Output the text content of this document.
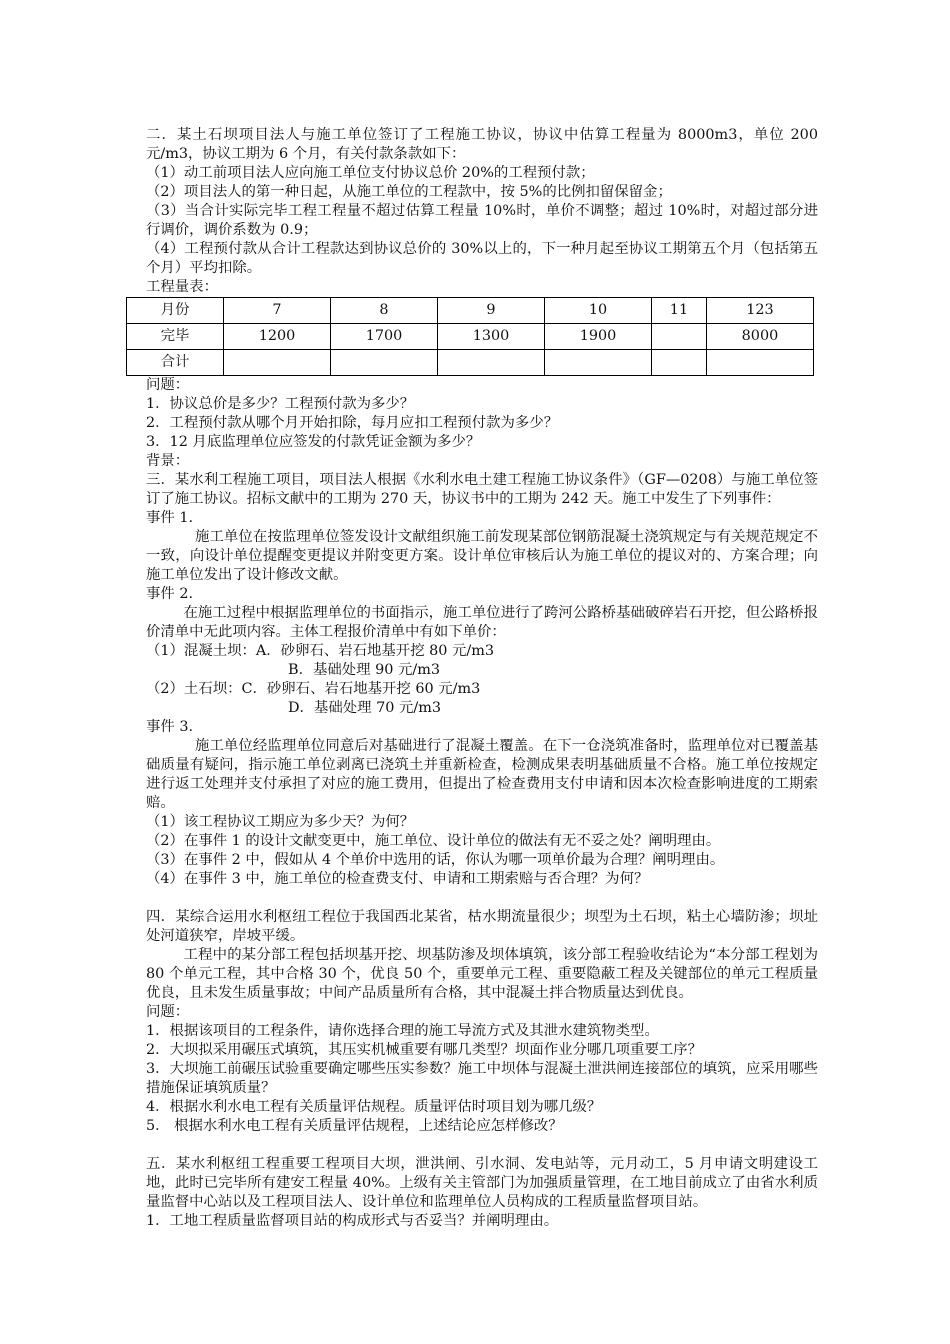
二．某土石坝项目法人与施工单位签订了工程施工协议，协议中估算工程量为 8000m3，单位 200 元/m3，协议工期为 6 个月，有关付款条款如下：
（1）动工前项目法人应向施工单位支付协议总价 20%的工程预付款；
（2）项目法人的第一种日起，从施工单位的工程款中，按 5%的比例扣留保留金；
（3）当合计实际完毕工程工程量不超过估算工程量 10%时，单价不调整；超过 10%时，对超过部分进行调价，调价系数为 0.9；
（4）工程预付款从合计工程款达到协议总价的 30%以上的，下一种月起至协议工期第五个月（包括第五个月）平均扣除。
工程量表：
月份	7	8	9	10	11	123
完毕	1200	1700	1300	1900		8000
合计						
问题：
1．协议总价是多少？工程预付款为多少？
2．工程预付款从哪个月开始扣除，每月应扣工程预付款为多少？
3．12 月底监理单位应签发的付款凭证金额为多少？
背景：
三．某水利工程施工项目，项目法人根据《水利水电土建工程施工协议条件》（GF—0208）与施工单位签订了施工协议。招标文献中的工期为 270 天，协议书中的工期为 242 天。施工中发生了下列事件：
事件 1.
施工单位在按监理单位签发设计文献组织施工前发现某部位钢筋混凝土浇筑规定与有关规范规定不一致，向设计单位提醒变更提议并附变更方案。设计单位审核后认为施工单位的提议对的、方案合理；向施工单位发出了设计修改文献。
事件 2.
在施工过程中根据监理单位的书面指示，施工单位进行了跨河公路桥基础破碎岩石开挖，但公路桥报价清单中无此项内容。主体工程报价清单中有如下单价：
（1）混凝土坝：A．砂卵石、岩石地基开挖 80 元/m3
B．基础处理 90 元/m3
（2）土石坝：C．砂卵石、岩石地基开挖 60 元/m3
D．基础处理 70 元/m3
事件 3.
施工单位经监理单位同意后对基础进行了混凝土覆盖。在下一仓浇筑准备时，监理单位对已覆盖基础质量有疑问，指示施工单位剥离已浇筑土并重新检查，检测成果表明基础质量不合格。施工单位按规定进行返工处理并支付承担了对应的施工费用，但提出了检查费用支付申请和因本次检查影响进度的工期索赔。
（1）该工程协议工期应为多少天？为何？
（2）在事件 1 的设计文献变更中，施工单位、设计单位的做法有无不妥之处？阐明理由。
（3）在事件 2 中，假如从 4 个单价中选用的话，你认为哪一项单价最为合理？阐明理由。
（4）在事件 3 中，施工单位的检查费支付、申请和工期索赔与否合理？为何？
四．某综合运用水利枢纽工程位于我国西北某省，枯水期流量很少；坝型为土石坝，粘土心墙防渗；坝址处河道狭窄，岸坡平缓。
工程中的某分部工程包括坝基开挖、坝基防渗及坝体填筑，该分部工程验收结论为“本分部工程划为 80 个单元工程，其中合格 30 个，优良 50 个，重要单元工程、重要隐蔽工程及关键部位的单元工程质量优良，且未发生质量事故；中间产品质量所有合格，其中混凝土拌合物质量达到优良。
问题：
1．根据该项目的工程条件，请你选择合理的施工导流方式及其泄水建筑物类型。
2．大坝拟采用碾压式填筑，其压实机械重要有哪几类型？坝面作业分哪几项重要工序？
3．大坝施工前碾压试验重要确定哪些压实参数？施工中坝体与混凝土泄洪闸连接部位的填筑，应采用哪些措施保证填筑质量？
4．根据水利水电工程有关质量评估规程。质量评估时项目划为哪几级？
5． 根据水利水电工程有关质量评估规程，上述结论应怎样修改？
五．某水利枢纽工程重要工程项目大坝，泄洪闸、引水洞、发电站等，元月动工，5 月申请文明建设工地，此时已完毕所有建安工程量 40%。上级有关主管部门为加强质量管理，在工地目前成立了由省水利质量监督中心站以及工程项目法人、设计单位和监理单位人员构成的工程质量监督项目站。
1．工地工程质量监督项目站的构成形式与否妥当？并阐明理由。
